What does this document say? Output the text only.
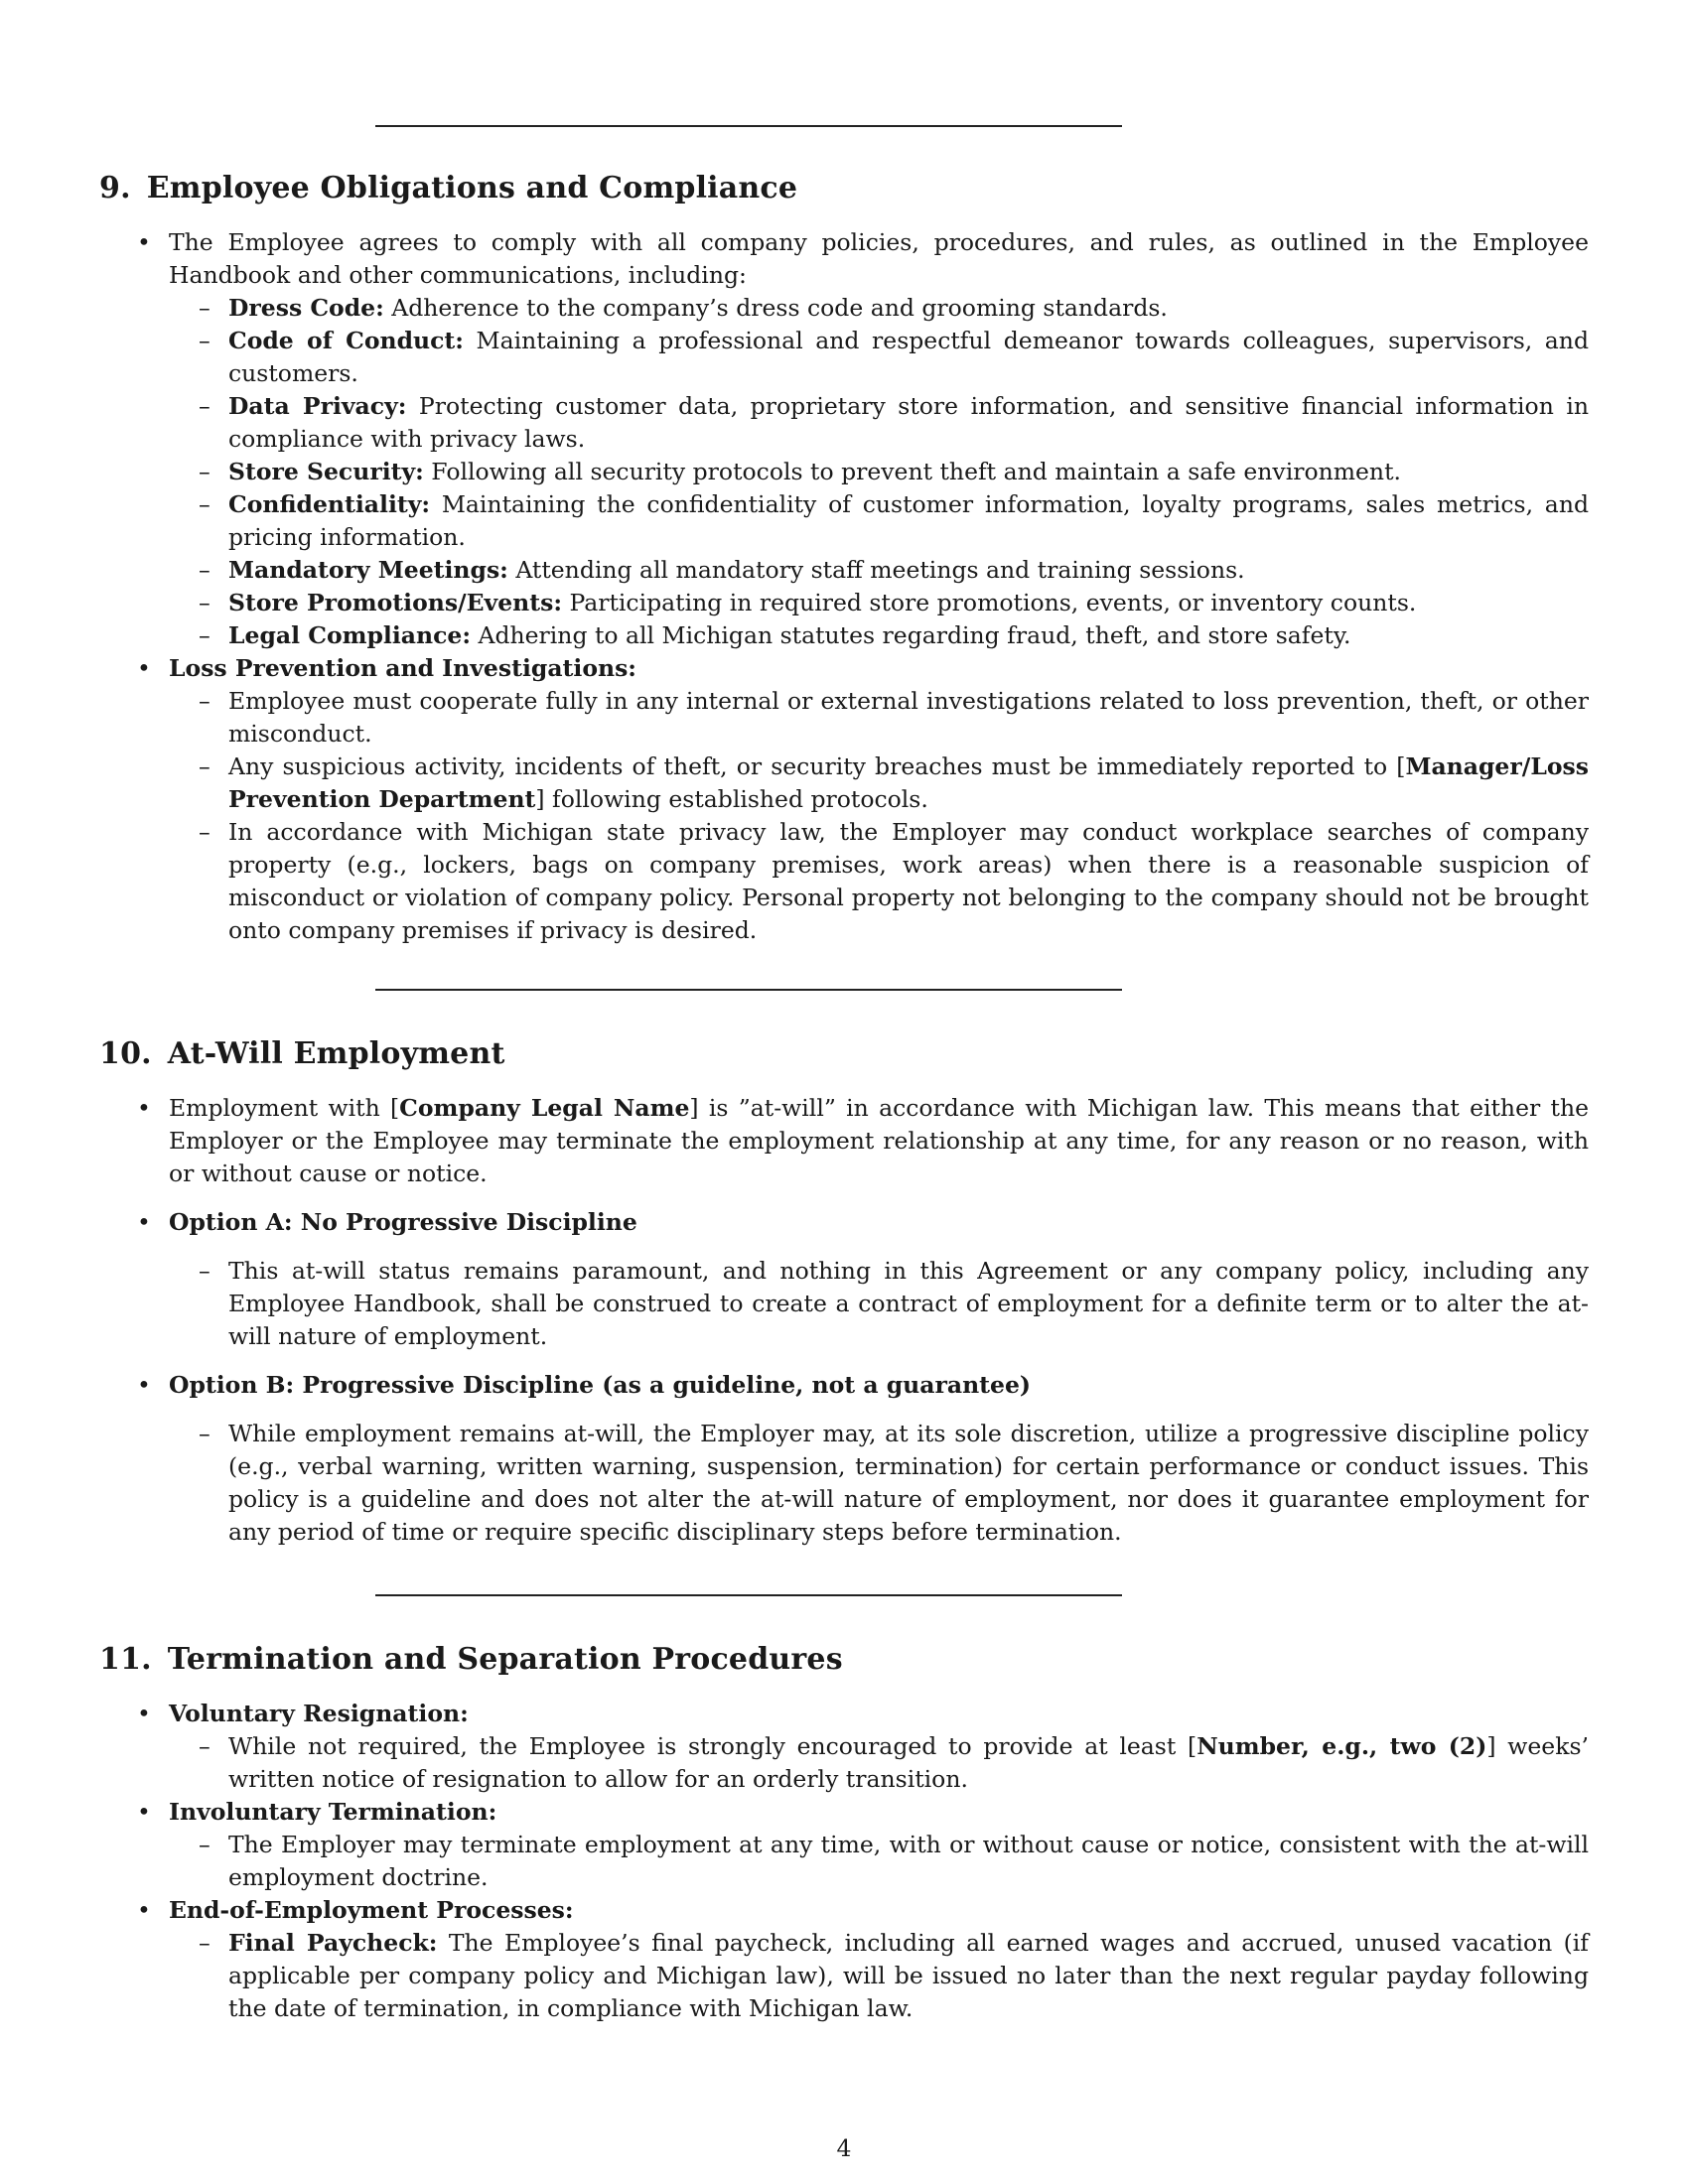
9. Employee Obligations and Compliance
• The Employee agrees to comply with all company policies, procedures, and rules, as outlined in the Employee Handbook and other communications, including:
– Dress Code: Adherence to the company’s dress code and grooming standards.
– Code of Conduct: Maintaining a professional and respectful demeanor towards colleagues, supervisors, and customers.
– Data Privacy: Protecting customer data, proprietary store information, and sensitive financial information in compliance with privacy laws.
– Store Security: Following all security protocols to prevent theft and maintain a safe environment.
– Confidentiality: Maintaining the confidentiality of customer information, loyalty programs, sales metrics, and pricing information.
– Mandatory Meetings: Attending all mandatory staff meetings and training sessions.
– Store Promotions/Events: Participating in required store promotions, events, or inventory counts.
– Legal Compliance: Adhering to all Michigan statutes regarding fraud, theft, and store safety.
• Loss Prevention and Investigations:
– Employee must cooperate fully in any internal or external investigations related to loss prevention, theft, or other misconduct.
– Any suspicious activity, incidents of theft, or security breaches must be immediately reported to [Manager/Loss Prevention Department] following established protocols.
– In accordance with Michigan state privacy law, the Employer may conduct workplace searches of company property (e.g., lockers, bags on company premises, work areas) when there is a reasonable suspicion of misconduct or violation of company policy. Personal property not belonging to the company should not be brought onto company premises if privacy is desired.
10. At-Will Employment
• Employment with [Company Legal Name] is ”at-will” in accordance with Michigan law. This means that either the Employer or the Employee may terminate the employment relationship at any time, for any reason or no reason, with or without cause or notice.
• Option A: No Progressive Discipline
– This at-will status remains paramount, and nothing in this Agreement or any company policy, including any Employee Handbook, shall be construed to create a contract of employment for a definite term or to alter the at-will nature of employment.
• Option B: Progressive Discipline (as a guideline, not a guarantee)
– While employment remains at-will, the Employer may, at its sole discretion, utilize a progressive discipline policy (e.g., verbal warning, written warning, suspension, termination) for certain performance or conduct issues. This policy is a guideline and does not alter the at-will nature of employment, nor does it guarantee employment for any period of time or require specific disciplinary steps before termination.
11. Termination and Separation Procedures
• Voluntary Resignation:
– While not required, the Employee is strongly encouraged to provide at least [Number, e.g., two (2)] weeks’ written notice of resignation to allow for an orderly transition.
• Involuntary Termination:
– The Employer may terminate employment at any time, with or without cause or notice, consistent with the at-will employment doctrine.
• End-of-Employment Processes:
– Final Paycheck: The Employee’s final paycheck, including all earned wages and accrued, unused vacation (if applicable per company policy and Michigan law), will be issued no later than the next regular payday following the date of termination, in compliance with Michigan law.
4
